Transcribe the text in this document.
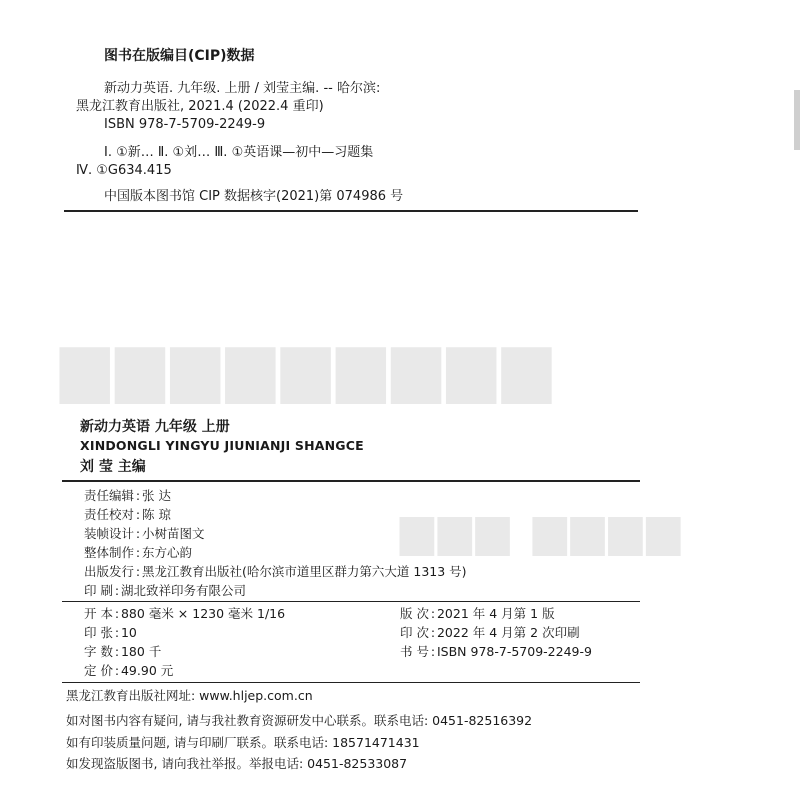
▆▆▆▆▆▆▆▆▆
▆▆▆ ▆▆▆▆
图书在版编目(CIP)数据
新动力英语. 九年级. 上册 / 刘莹主编. -- 哈尔滨:
黑龙江教育出版社, 2021.4 (2022.4 重印)
ISBN 978-7-5709-2249-9
Ⅰ. ①新… Ⅱ. ①刘… Ⅲ. ①英语课—初中—习题集
Ⅳ. ①G634.415
中国版本图书馆 CIP 数据核字(2021)第 074986 号
新动力英语 九年级 上册
XINDONGLI YINGYU JIUNIANJI SHANGCE
刘 莹 主编
责任编辑 : 张 达
责任校对 : 陈 琼
装帧设计 : 小树苗图文
整体制作 : 东方心韵
出版发行 : 黑龙江教育出版社(哈尔滨市道里区群力第六大道 1313 号)
印 刷 : 湖北致祥印务有限公司
开 本 : 880 毫米 × 1230 毫米 1/16
印 张 : 10
字 数 : 180 千
定 价 : 49.90 元
版 次 : 2021 年 4 月第 1 版
印 次 : 2022 年 4 月第 2 次印刷
书 号 : ISBN 978-7-5709-2249-9
黑龙江教育出版社网址: www.hljep.com.cn
如对图书内容有疑问, 请与我社教育资源研发中心联系。联系电话: 0451-82516392
如有印装质量问题, 请与印刷厂联系。联系电话: 18571471431
如发现盗版图书, 请向我社举报。举报电话: 0451-82533087
